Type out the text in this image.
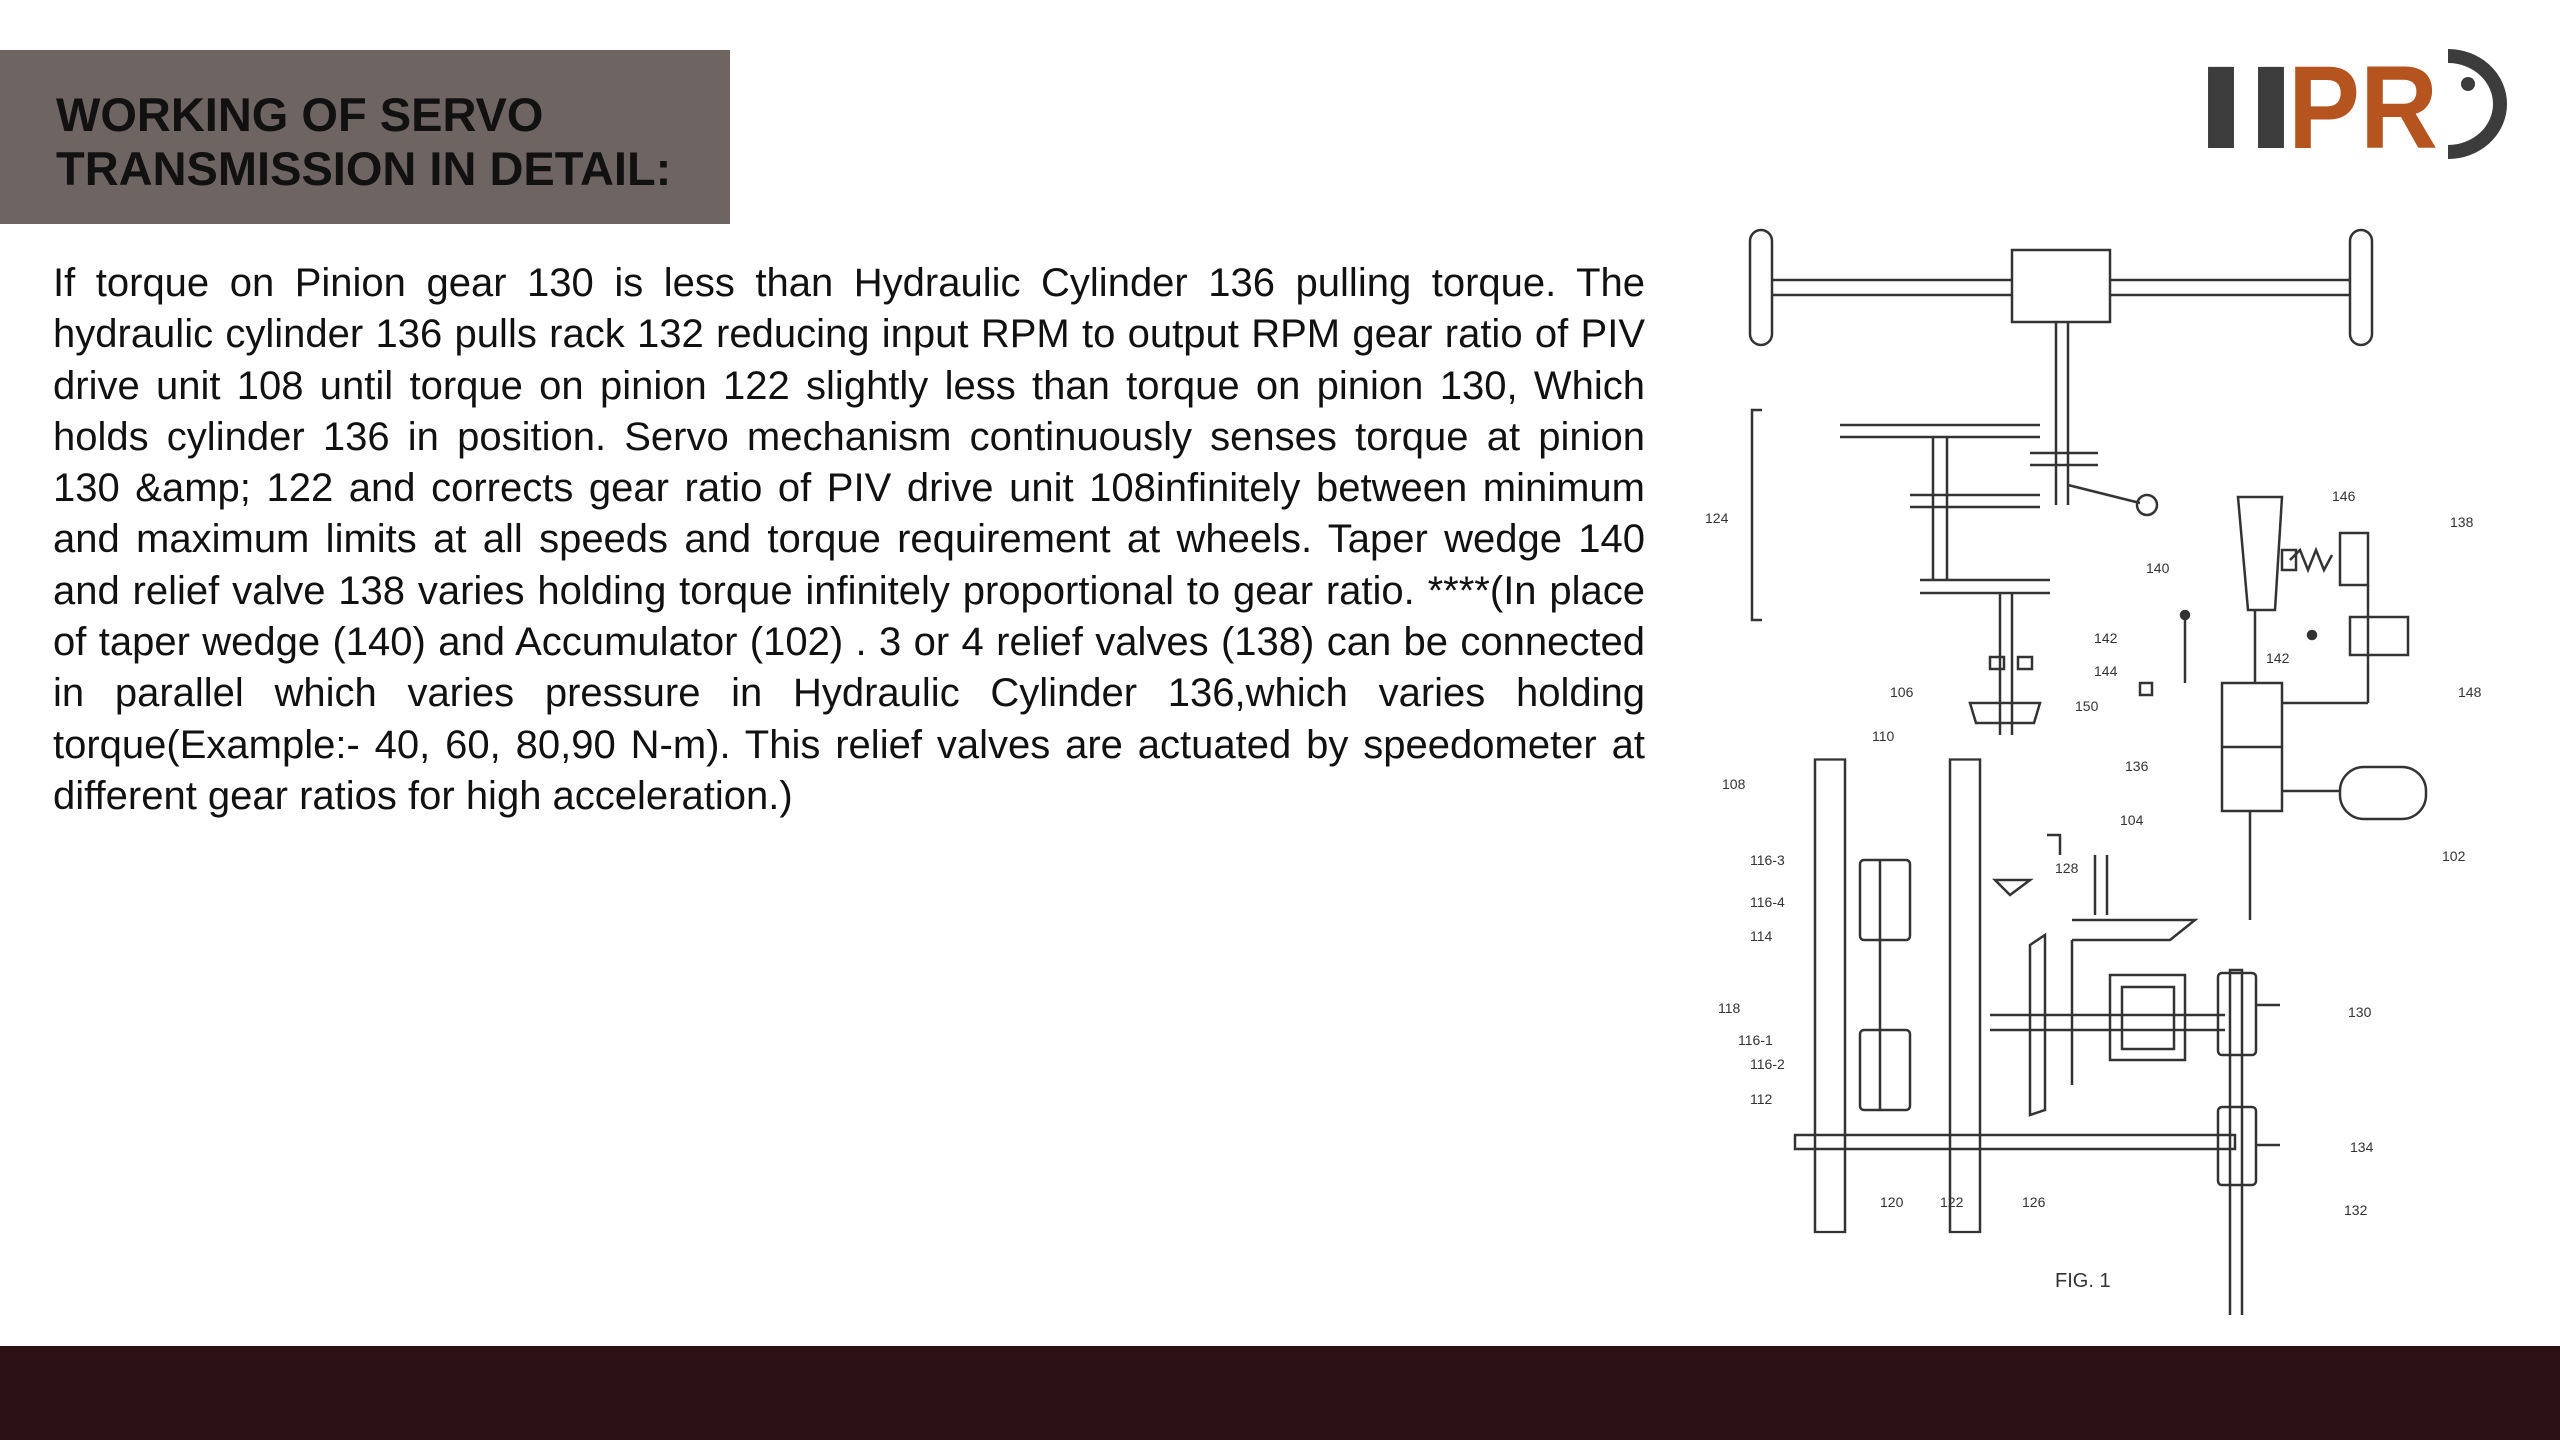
WORKING OF SERVO
TRANSMISSION IN DETAIL:	II
PR
If torque on Pinion gear 130 is less than Hydraulic Cylinder 136 pulling torque. The hydraulic cylinder 136 pulls rack 132 reducing input RPM to output RPM gear ratio of PIV drive unit 108 until torque on pinion 122 slightly less than torque on pinion 130, Which holds cylinder 136 in position. Servo mechanism continuously senses torque at pinion 130 &amp; 122 and corrects gear ratio of PIV drive unit 108infinitely between minimum and maximum limits at all speeds and torque requirement at wheels. Taper wedge 140 and relief valve 138 varies holding torque infinitely proportional to gear ratio. ****(In place of taper wedge (140) and Accumulator (102) . 3 or 4 relief valves (138) can be connected in parallel which varies pressure in Hydraulic Cylinder 136,which varies holding torque(Example:- 40, 60, 80,90 N-m). This relief valves are actuated by speedometer at different gear ratios for high acceleration.)
124
146
138
140
142
142
144
148
150
106
110
136
102
108
104
128
116-3
116-4
114
118
116-1
116-2
112
130
134
132
120	122	126
FIG. 1
